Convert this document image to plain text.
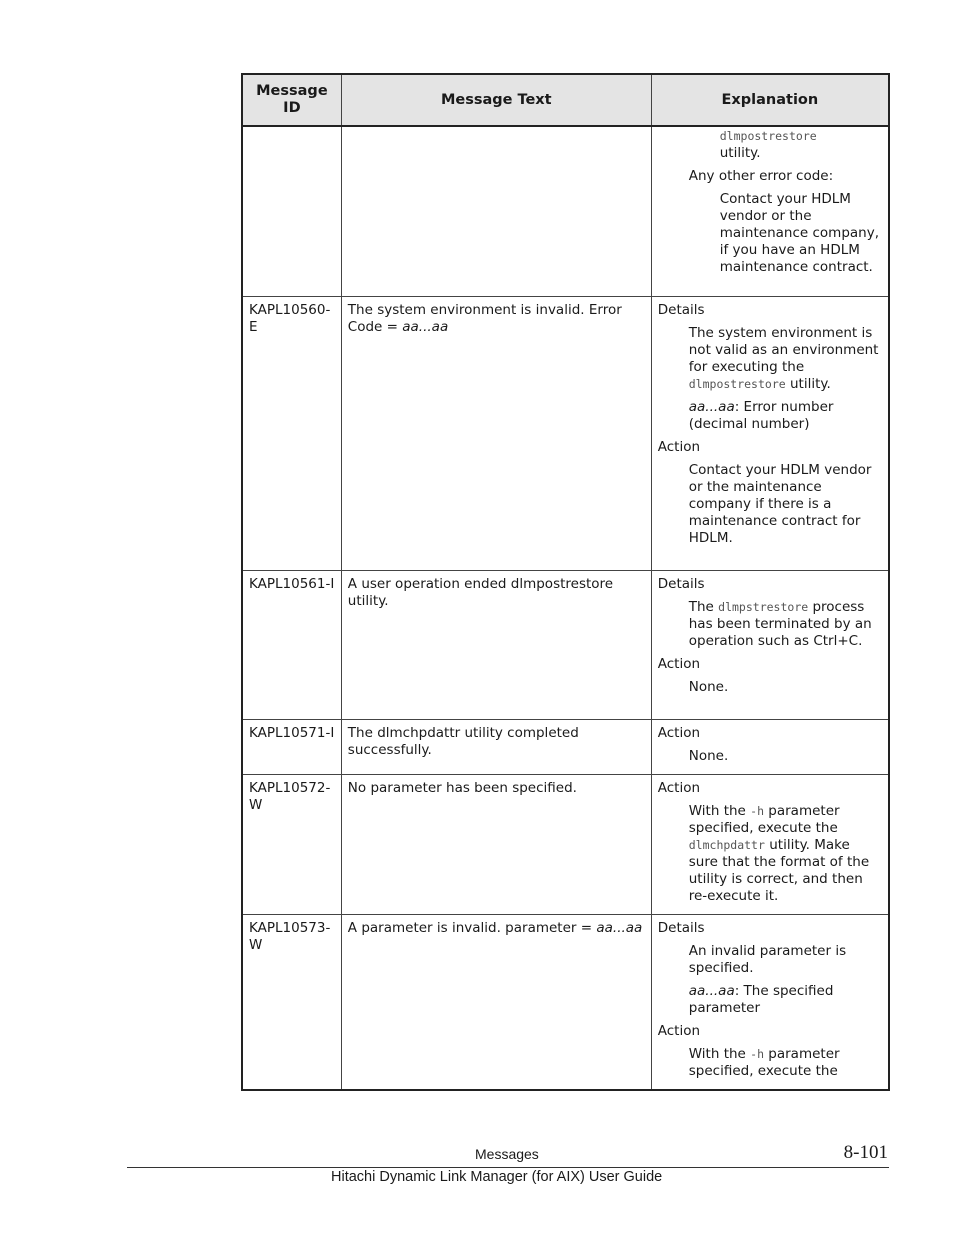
Message ID	Message Text	Explanation

		dlmpostrestore
utility.
Any other error code:
Contact your HDLM vendor or the maintenance company, if you have an HDLM maintenance contract.

KAPL10560-E	The system environment is invalid. Error Code = aa...aa	Details
The system environment is not valid as an environment for executing the dlmpostrestore utility.
aa...aa: Error number (decimal number)
Action
Contact your HDLM vendor or the maintenance company if there is a maintenance contract for HDLM.

KAPL10561-I	A user operation ended dlmpostrestore utility.	Details
The dlmpstrestore process has been terminated by an operation such as Ctrl+C.
Action
None.

KAPL10571-I	The dlmchpdattr utility completed successfully.	Action
None.

KAPL10572-W	No parameter has been specified.	Action
With the -h parameter specified, execute the dlmchpdattr utility. Make sure that the format of the utility is correct, and then re-execute it.

KAPL10573-W	A parameter is invalid. parameter = aa...aa	Details
An invalid parameter is specified.
aa...aa: The specified parameter
Action
With the -h parameter specified, execute the
Messages	8-101
Hitachi Dynamic Link Manager (for AIX) User Guide
